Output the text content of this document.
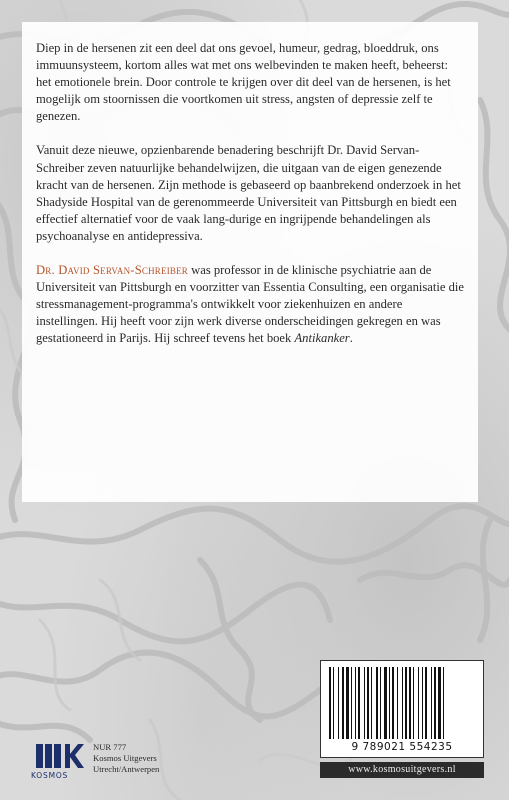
Diep in de hersenen zit een deel dat ons gevoel, humeur, gedrag, bloeddruk, ons immuunsysteem, kortom alles wat met ons welbevinden te maken heeft, beheerst: het emotionele brein. Door controle te krijgen over dit deel van de hersenen, is het mogelijk om stoornissen die voortkomen uit stress, angsten of depressie zelf te genezen.

Vanuit deze nieuwe, opzienbarende benadering beschrijft Dr. David Servan-Schreiber zeven natuurlijke behandelwijzen, die uitgaan van de eigen genezende kracht van de hersenen. Zijn methode is gebaseerd op baanbrekend onderzoek in het Shadyside Hospital van de gerenommeerde Universiteit van Pittsburgh en biedt een effectief alternatief voor de vaak lang-durige en ingrijpende behandelingen als psychoanalyse en antidepressiva.

Dr. David Servan-Schreiber was professor in de klinische psychiatrie aan de Universiteit van Pittsburgh en voorzitter van Essentia Consulting, een organisatie die stressmanagement-programma's ontwikkelt voor ziekenhuizen en andere instellingen. Hij heeft voor zijn werk diverse onderscheidingen gekregen en was gestationeerd in Parijs. Hij schreef tevens het boek Antikanker.

KOSMOS
NUR 777
Kosmos Uitgevers
Utrecht/Antwerpen
9 789021 554235
www.kosmosuitgevers.nl
